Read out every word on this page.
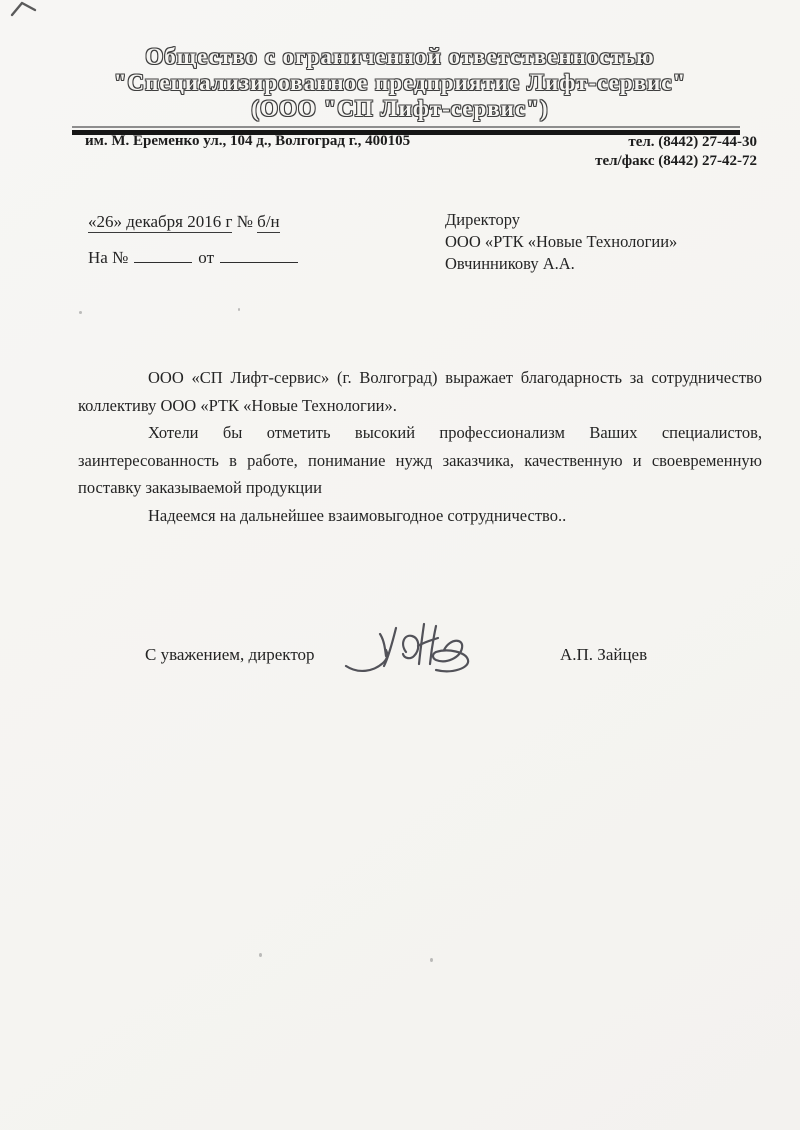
Общество с ограниченной ответственностью
"Специализированное предприятие Лифт-сервис"
(ООО "СП Лифт-сервис")
им. М. Еременко ул., 104 д., Волгоград г., 400105	тел. (8442) 27-44-30
тел/факс (8442) 27-42-72
«26» декабря 2016 г № б/н
На №	от
Директору
ООО «РТК «Новые Технологии»
Овчинникову А.А.
ООО «СП Лифт-сервис» (г. Волгоград) выражает благодарность за сотрудничество
коллективу ООО «РТК «Новые Технологии».
Хотели бы отметить высокий профессионализм Ваших специалистов,
заинтересованность в работе, понимание нужд заказчика, качественную и своевременную
поставку заказываемой продукции
Надеемся на дальнейшее взаимовыгодное сотрудничество..
С уважением, директор	А.П. Зайцев
